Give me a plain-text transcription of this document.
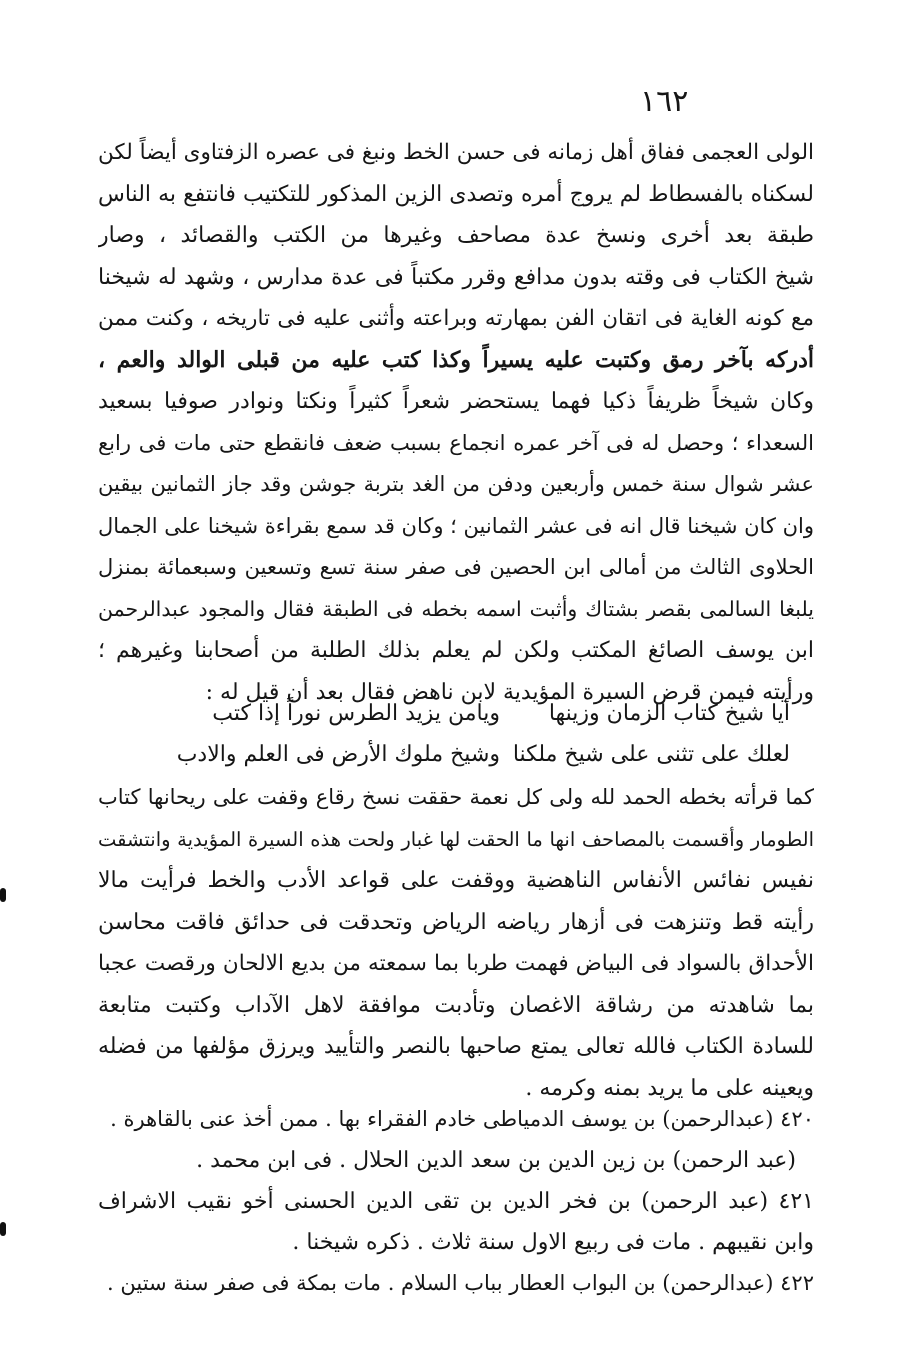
١٦٢
الولى العجمى ففاق أهل زمانه فى حسن الخط ونبغ فى عصره الزفتاوى أيضاً لكن
لسكناه بالفسطاط لم يروج أمره وتصدى الزين المذكور للتكتيب فانتفع به الناس
طبقة بعد أخرى ونسخ عدة مصاحف وغيرها من الكتب والقصائد ، وصار
شيخ الكتاب فى وقته بدون مدافع وقرر مكتباً فى عدة مدارس ، وشهد له شيخنا
مع كونه الغاية فى اتقان الفن بمهارته وبراعته وأثنى عليه فى تاريخه ، وكنت ممن
أدركه بآخر رمق وكتبت عليه يسيراً وكذا كتب عليه من قبلى الوالد والعم ،
وكان شيخاً ظريفاً ذكيا فهما يستحضر شعراً كثيراً ونكتا ونوادر صوفيا بسعيد
السعداء ؛ وحصل له فى آخر عمره انجماع بسبب ضعف فانقطع حتى مات فى رابع
عشر شوال سنة خمس وأربعين ودفن من الغد بتربة جوشن وقد جاز الثمانين بيقين
وان كان شيخنا قال انه فى عشر الثمانين ؛ وكان قد سمع بقراءة شيخنا على الجمال
الحلاوى الثالث من أمالى ابن الحصين فى صفر سنة تسع وتسعين وسبعمائة بمنزل
يلبغا السالمى بقصر بشتاك وأثبت اسمه بخطه فى الطبقة فقال والمجود عبدالرحمن
ابن يوسف الصائغ المكتب ولكن لم يعلم بذلك الطلبة من أصحابنا وغيرهم ؛
ورأيته فيمن قرض السيرة المؤيدية لابن ناهض فقال بعد أن قيل له :
أيا شيخ كتاب الزمان وزينها
ويامن يزيد الطرس نوراً إذا كتب
لعلك على تثنى على شيخ ملكنا
وشيخ ملوك الأرض فى العلم والادب
كما قرأته بخطه الحمد لله ولى كل نعمة حققت نسخ رقاع وقفت على ريحانها كتاب
الطومار وأقسمت بالمصاحف انها ما الحقت لها غبار ولحت هذه السيرة المؤيدية وانتشقت
نفيس نفائس الأنفاس الناهضية ووقفت على قواعد الأدب والخط فرأيت مالا
رأيته قط وتنزهت فى أزهار رياضه الرياض وتحدقت فى حدائق فاقت محاسن
الأحداق بالسواد فى البياض فهمت طربا بما سمعته من بديع الالحان ورقصت عجبا
بما شاهدته من رشاقة الاغصان وتأدبت موافقة لاهل الآداب وكتبت متابعة
للسادة الكتاب فالله تعالى يمتع صاحبها بالنصر والتأييد ويرزق مؤلفها من فضله
ويعينه على ما يريد بمنه وكرمه .
٤٢٠ (عبدالرحمن) بن يوسف الدمياطى خادم الفقراء بها . ممن أخذ عنى بالقاهرة .
(عبد الرحمن) بن زين الدين بن سعد الدين الحلال . فى ابن محمد .
٤٢١ (عبد الرحمن) بن فخر الدين بن تقى الدين الحسنى أخو نقيب الاشراف
وابن نقيبهم . مات فى ربيع الاول سنة ثلاث . ذكره شيخنا .
٤٢٢ (عبدالرحمن) بن البواب العطار بباب السلام . مات بمكة فى صفر سنة ستين .
